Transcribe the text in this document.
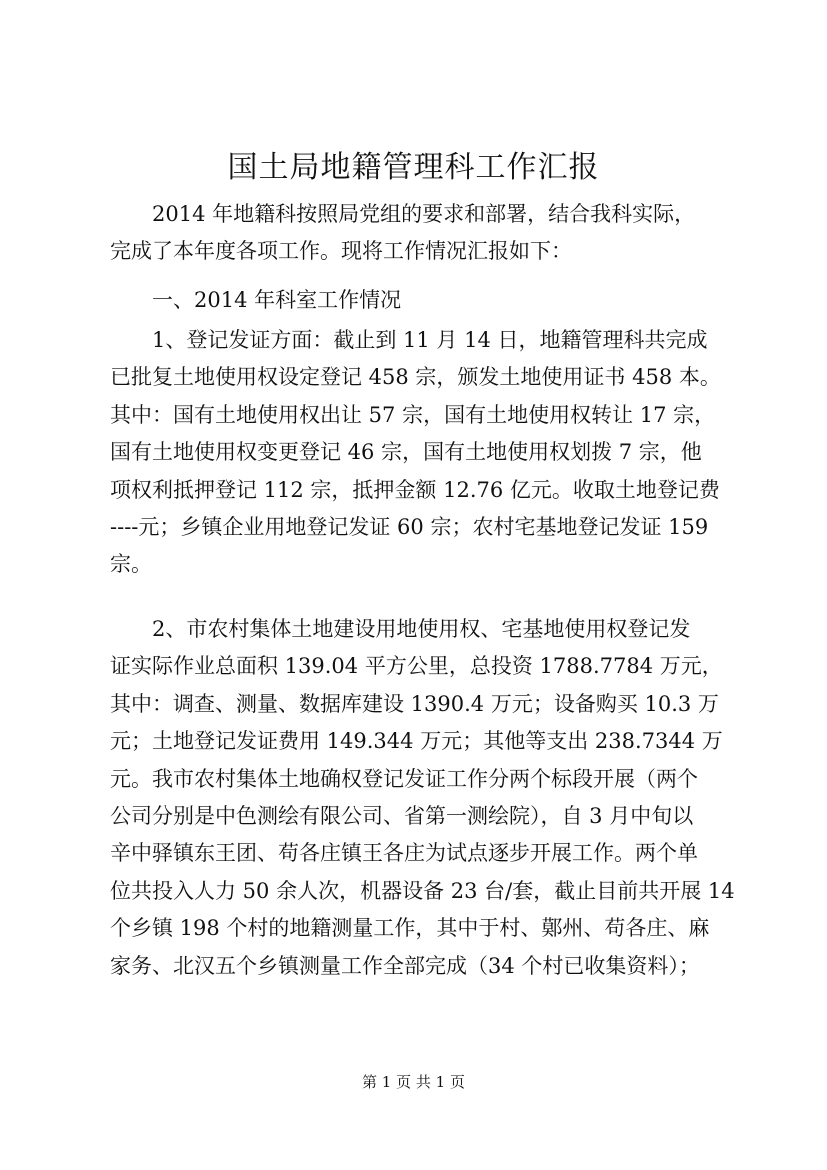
国土局地籍管理科工作汇报
2014 年地籍科按照局党组的要求和部署，结合我科实际，
完成了本年度各项工作。现将工作情况汇报如下：
一、2014 年科室工作情况
1、登记发证方面：截止到 11 月 14 日，地籍管理科共完成
已批复土地使用权设定登记 458 宗，颁发土地使用证书 458 本。
其中：国有土地使用权出让 57 宗，国有土地使用权转让 17 宗，
国有土地使用权变更登记 46 宗，国有土地使用权划拨 7 宗，他
项权利抵押登记 112 宗，抵押金额 12.76 亿元。收取土地登记费
----元；乡镇企业用地登记发证 60 宗；农村宅基地登记发证 159
宗。
2、市农村集体土地建设用地使用权、宅基地使用权登记发
证实际作业总面积 139.04 平方公里，总投资 1788.7784 万元，
其中：调查、测量、数据库建设 1390.4 万元；设备购买 10.3 万
元；土地登记发证费用 149.344 万元；其他等支出 238.7344 万
元。我市农村集体土地确权登记发证工作分两个标段开展（两个
公司分别是中色测绘有限公司、省第一测绘院），自 3 月中旬以
辛中驿镇东王团、苟各庄镇王各庄为试点逐步开展工作。两个单
位共投入人力 50 余人次，机器设备 23 台/套，截止目前共开展 14
个乡镇 198 个村的地籍测量工作，其中于村、鄚州、苟各庄、麻
家务、北汉五个乡镇测量工作全部完成（34 个村已收集资料）；
第 1 页 共 1 页
